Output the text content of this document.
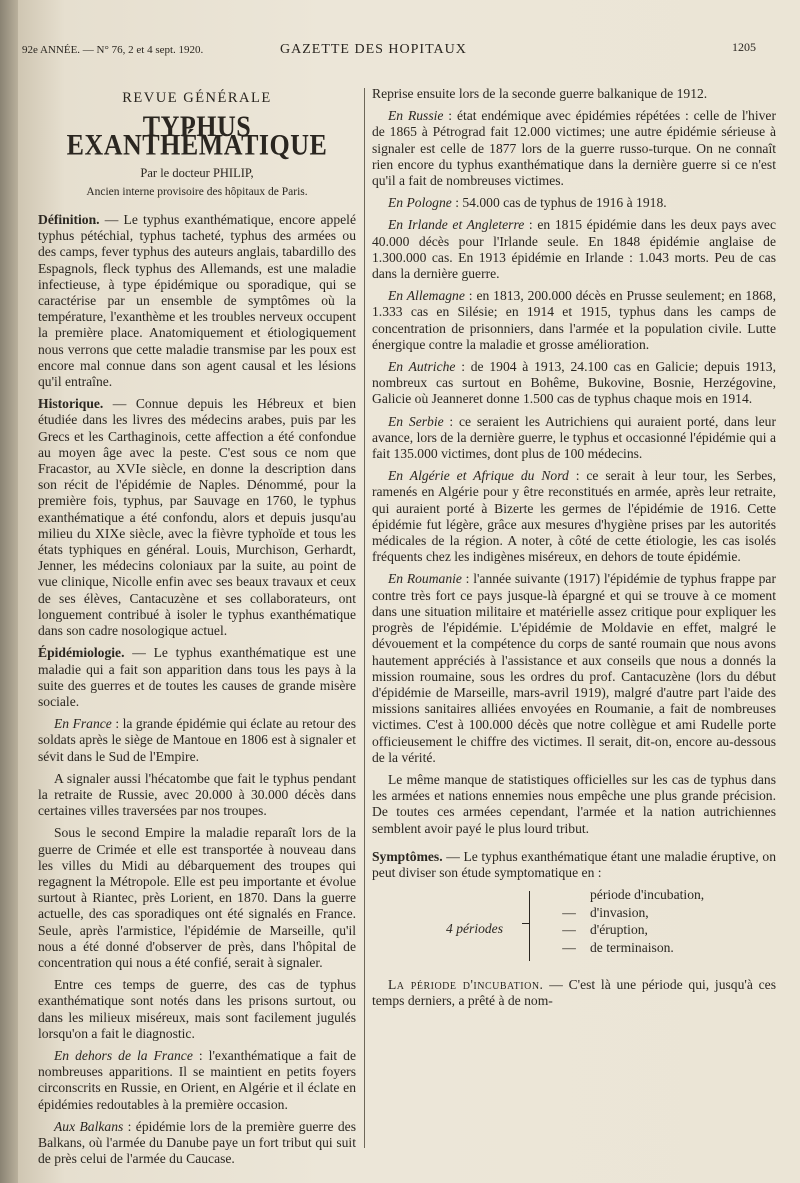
92e ANNÉE. — N° 76, 2 et 4 sept. 1920.	GAZETTE DES HOPITAUX	1205
REVUE GÉNÉRALE
TYPHUS EXANTHÉMATIQUE
Par le docteur PHILIP,
Ancien interne provisoire des hôpitaux de Paris.

Définition. — Le typhus exanthématique, encore appelé typhus pétéchial, typhus tacheté, typhus des armées ou des camps, fever typhus des auteurs anglais, tabardillo des Espagnols, fleck typhus des Allemands, est une maladie infectieuse, à type épidémique ou sporadique, qui se caractérise par un ensemble de symptômes où la température, l'exanthème et les troubles nerveux occupent la première place. Anatomiquement et étiologiquement nous verrons que cette maladie transmise par les poux est encore mal connue dans son agent causal et les lésions qu'il entraîne.

Historique. — Connue depuis les Hébreux et bien étudiée dans les livres des médecins arabes, puis par les Grecs et les Carthaginois, cette affection a été confondue au moyen âge avec la peste. C'est sous ce nom que Fracastor, au XVIe siècle, en donne la description dans son récit de l'épidémie de Naples. Dénommé, pour la première fois, typhus, par Sauvage en 1760, le typhus exanthématique a été confondu, alors et depuis jusqu'au milieu du XIXe siècle, avec la fièvre typhoïde et tous les états typhiques en général. Louis, Murchison, Gerhardt, Jenner, les médecins coloniaux par la suite, au point de vue clinique, Nicolle enfin avec ses beaux travaux et ceux de ses élèves, Cantacuzène et ses collaborateurs, ont longuement contribué à isoler le typhus exanthématique dans son cadre nosologique actuel.

Épidémiologie. — Le typhus exanthématique est une maladie qui a fait son apparition dans tous les pays à la suite des guerres et de toutes les causes de grande misère sociale.

En France : la grande épidémie qui éclate au retour des soldats après le siège de Mantoue en 1806 est à signaler et sévit dans le Sud de l'Empire.

A signaler aussi l'hécatombe que fait le typhus pendant la retraite de Russie, avec 20.000 à 30.000 décès dans certaines villes traversées par nos troupes.

Sous le second Empire la maladie reparaît lors de la guerre de Crimée et elle est transportée à nouveau dans les villes du Midi au débarquement des troupes qui regagnent la Métropole. Elle est peu importante et évolue surtout à Riantec, près Lorient, en 1870. Dans la guerre actuelle, des cas sporadiques ont été signalés en France. Seule, après l'armistice, l'épidémie de Marseille, qu'il nous a été donné d'observer de près, dans l'hôpital de concentration qui nous a été confié, serait à signaler.

Entre ces temps de guerre, des cas de typhus exanthématique sont notés dans les prisons surtout, ou dans les milieux miséreux, mais sont facilement jugulés lorsqu'on a fait le diagnostic.

En dehors de la France : l'exanthématique a fait de nombreuses apparitions. Il se maintient en petits foyers circonscrits en Russie, en Orient, en Algérie et il éclate en épidémies redoutables à la première occasion.

Aux Balkans : épidémie lors de la première guerre des Balkans, où l'armée du Danube paye un fort tribut qui suit de près celui de l'armée du Caucase.

Reprise ensuite lors de la seconde guerre balkanique de 1912.

En Russie : état endémique avec épidémies répétées : celle de l'hiver de 1865 à Pétrograd fait 12.000 victimes; une autre épidémie sérieuse à signaler est celle de 1877 lors de la guerre russo-turque. On ne connaît rien encore du typhus exanthématique dans la dernière guerre si ce n'est qu'il a fait de nombreuses victimes.

En Pologne : 54.000 cas de typhus de 1916 à 1918.

En Irlande et Angleterre : en 1815 épidémie dans les deux pays avec 40.000 décès pour l'Irlande seule. En 1848 épidémie anglaise de 1.300.000 cas. En 1913 épidémie en Irlande : 1.043 morts. Peu de cas dans la dernière guerre.

En Allemagne : en 1813, 200.000 décès en Prusse seulement; en 1868, 1.333 cas en Silésie; en 1914 et 1915, typhus dans les camps de concentration de prisonniers, dans l'armée et la population civile. Lutte énergique contre la maladie et grosse amélioration.

En Autriche : de 1904 à 1913, 24.100 cas en Galicie; depuis 1913, nombreux cas surtout en Bohême, Bukovine, Bosnie, Herzégovine, Galicie où Jeanneret donne 1.500 cas de typhus chaque mois en 1914.

En Serbie : ce seraient les Autrichiens qui auraient porté, dans leur avance, lors de la dernière guerre, le typhus et occasionné l'épidémie qui a fait 135.000 victimes, dont plus de 100 médecins.

En Algérie et Afrique du Nord : ce serait à leur tour, les Serbes, ramenés en Algérie pour y être reconstitués en armée, après leur retraite, qui auraient porté à Bizerte les germes de l'épidémie de 1916. Cette épidémie fut légère, grâce aux mesures d'hygiène prises par les autorités médicales de la région. A noter, à côté de cette étiologie, les cas isolés fréquents chez les indigènes miséreux, en dehors de toute épidémie.

En Roumanie : l'année suivante (1917) l'épidémie de typhus frappe par contre très fort ce pays jusque-là épargné et qui se trouve à ce moment dans une situation militaire et matérielle assez critique pour expliquer les progrès de l'épidémie. L'épidémie de Moldavie en effet, malgré le dévouement et la compétence du corps de santé roumain que nous avons hautement appréciés à l'assistance et aux conseils que nous a donnés la mission roumaine, sous les ordres du prof. Cantacuzène (lors du début d'épidémie de Marseille, mars-avril 1919), malgré d'autre part l'aide des missions sanitaires alliées envoyées en Roumanie, a fait de nombreuses victimes. C'est à 100.000 décès que notre collègue et ami Rudelle porte officieusement le chiffre des victimes. Il serait, dit-on, encore au-dessous de la vérité.

Le même manque de statistiques officielles sur les cas de typhus dans les armées et nations ennemies nous empêche une plus grande précision. De toutes ces armées cependant, l'armée et la nation autrichiennes semblent avoir payé le plus lourd tribut.

Symptômes. — Le typhus exanthématique étant une maladie éruptive, on peut diviser son étude symptomatique en :

4 périodes
période d'incubation,
— d'invasion,
— d'éruption,
— de terminaison.

La période d'incubation. — C'est là une période qui, jusqu'à ces temps derniers, a prêté à de nom-
